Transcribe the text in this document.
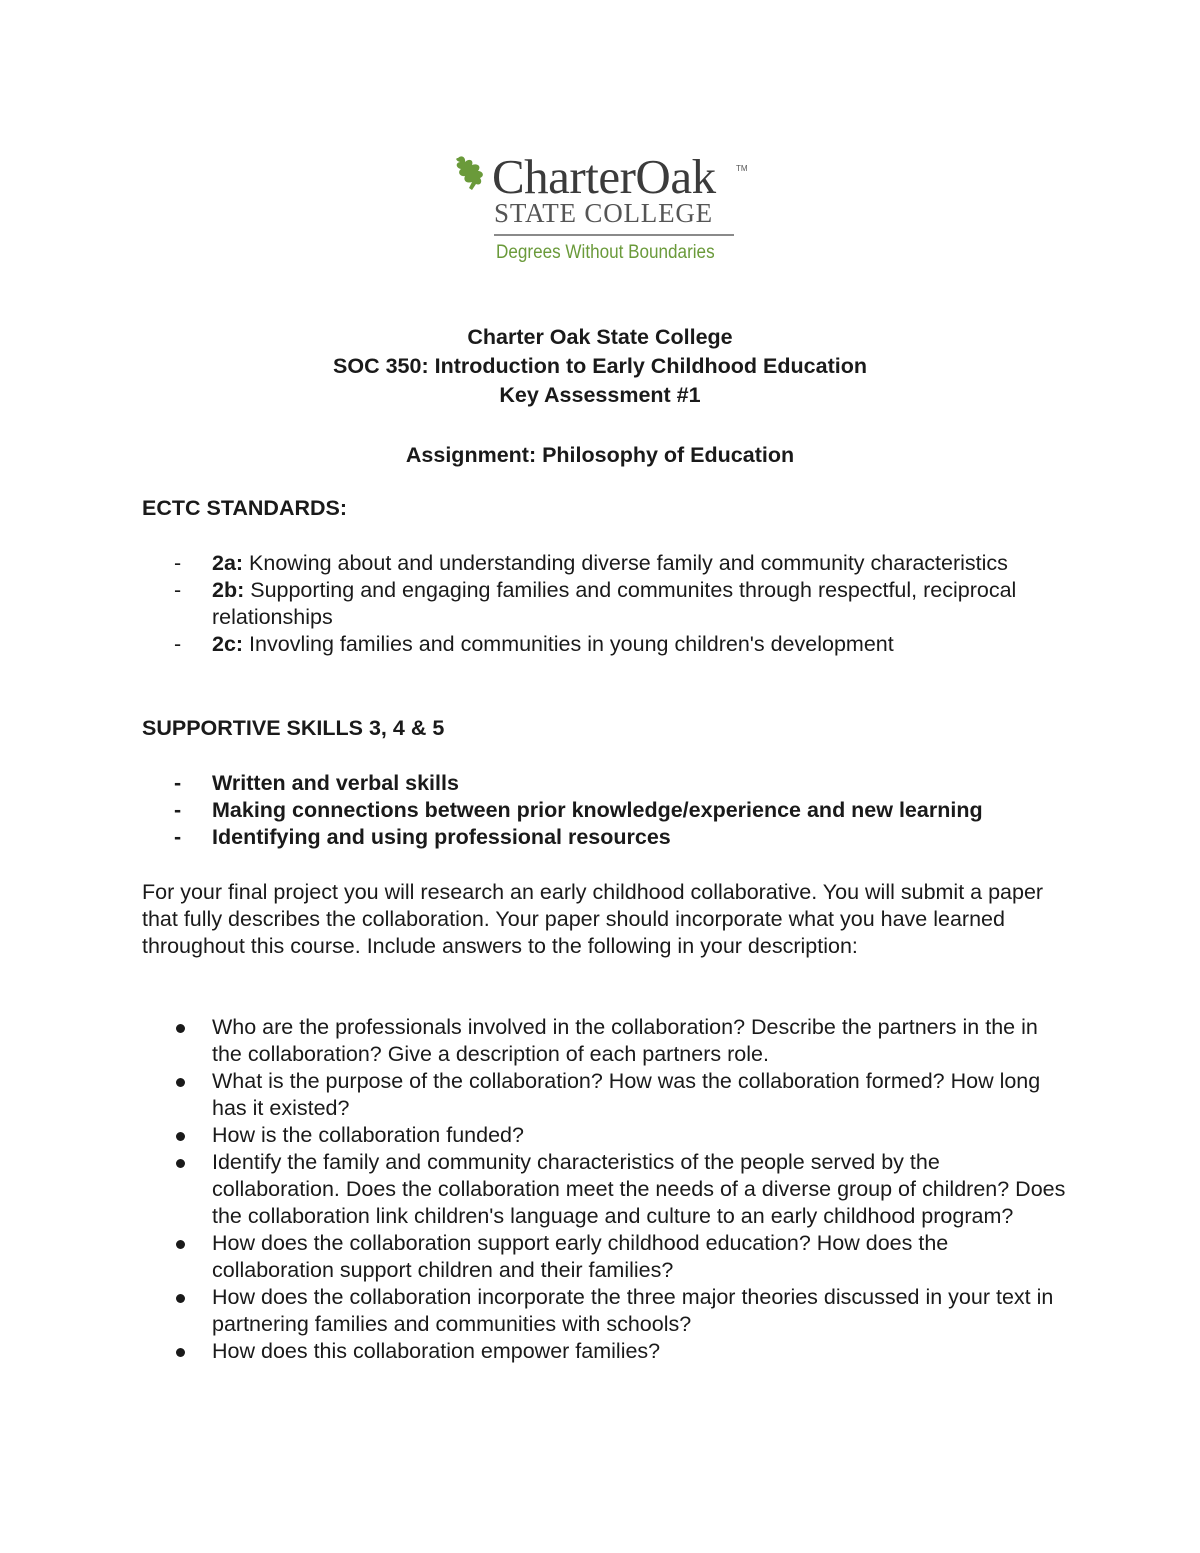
CharterOak	TM
STATE COLLEGE
Degrees Without Boundaries
Charter Oak State College
SOC 350: Introduction to Early Childhood Education
Key Assessment #1
Assignment: Philosophy of Education
ECTC STANDARDS:
- 2a: Knowing about and understanding diverse family and community characteristics
- 2b: Supporting and engaging families and communites through respectful, reciprocal relationships
- 2c: Invovling families and communities in young children's development
SUPPORTIVE SKILLS 3, 4 & 5
- Written and verbal skills
- Making connections between prior knowledge/experience and new learning
- Identifying and using professional resources
For your final project you will research an early childhood collaborative. You will submit a paper that fully describes the collaboration. Your paper should incorporate what you have learned throughout this course. Include answers to the following in your description:
Who are the professionals involved in the collaboration? Describe the partners in the in the collaboration? Give a description of each partners role.
What is the purpose of the collaboration? How was the collaboration formed? How long has it existed?
How is the collaboration funded?
Identify the family and community characteristics of the people served by the collaboration. Does the collaboration meet the needs of a diverse group of children? Does the collaboration link children's language and culture to an early childhood program?
How does the collaboration support early childhood education? How does the collaboration support children and their families?
How does the collaboration incorporate the three major theories discussed in your text in partnering families and communities with schools?
How does this collaboration empower families?
